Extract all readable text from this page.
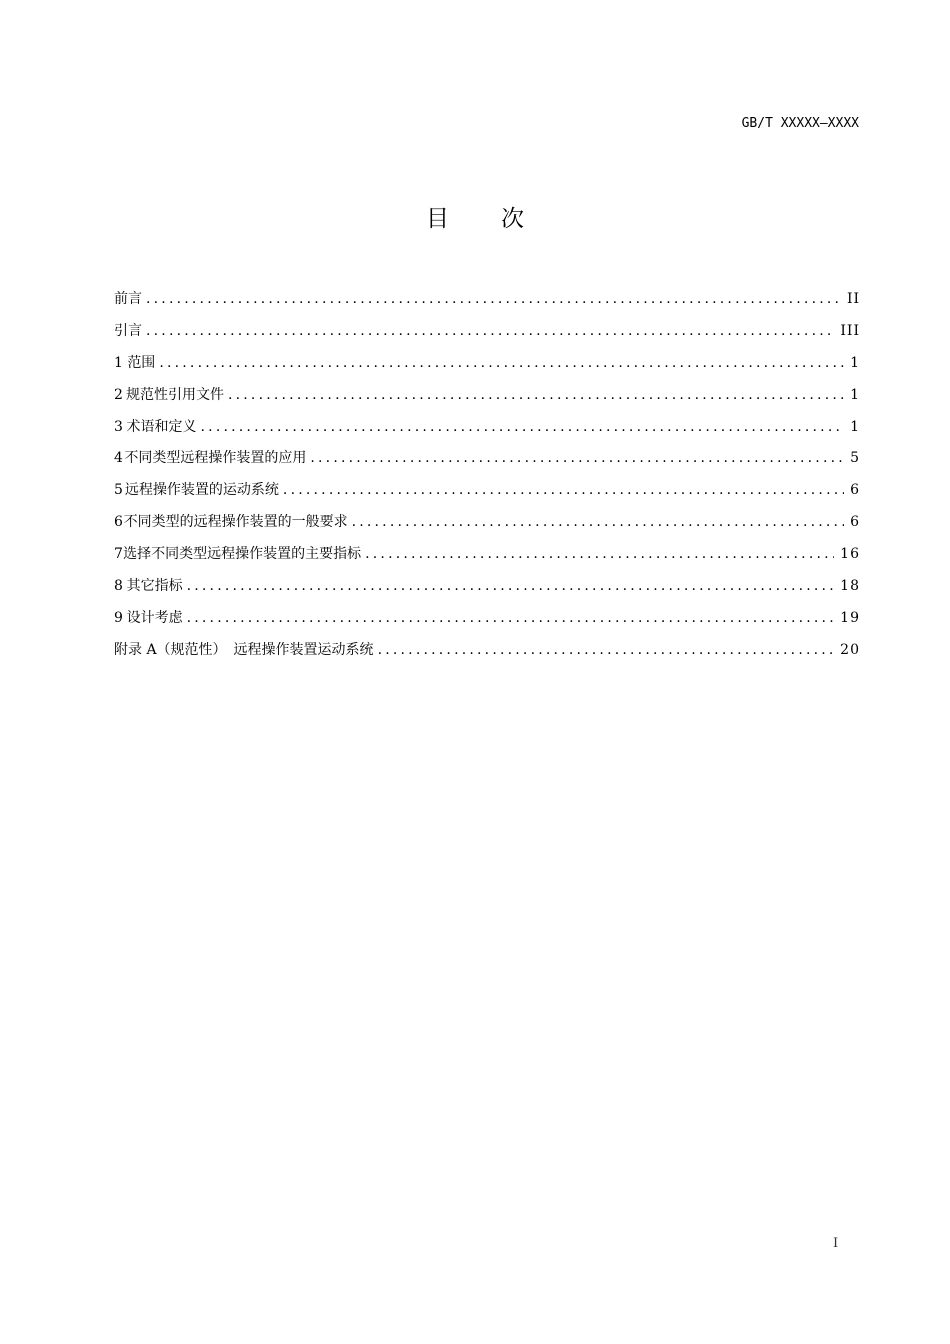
GB/T XXXXX—XXXX
目 次
前言 .....	II
引言 .....	III
1 范围 .....	1
2 规范性引用文件 .....	1
3 术语和定义 .....	1
4 不同类型远程操作装置的应用 .....	5
5 远程操作装置的运动系统 .....	6
6 不同类型的远程操作装置的一般要求 .....	6
7 选择不同类型远程操作装置的主要指标 .....	16
8 其它指标 .....	18
9 设计考虑 .....	19
附录 A（规范性）　远程操作装置运动系统 .....	20
I
